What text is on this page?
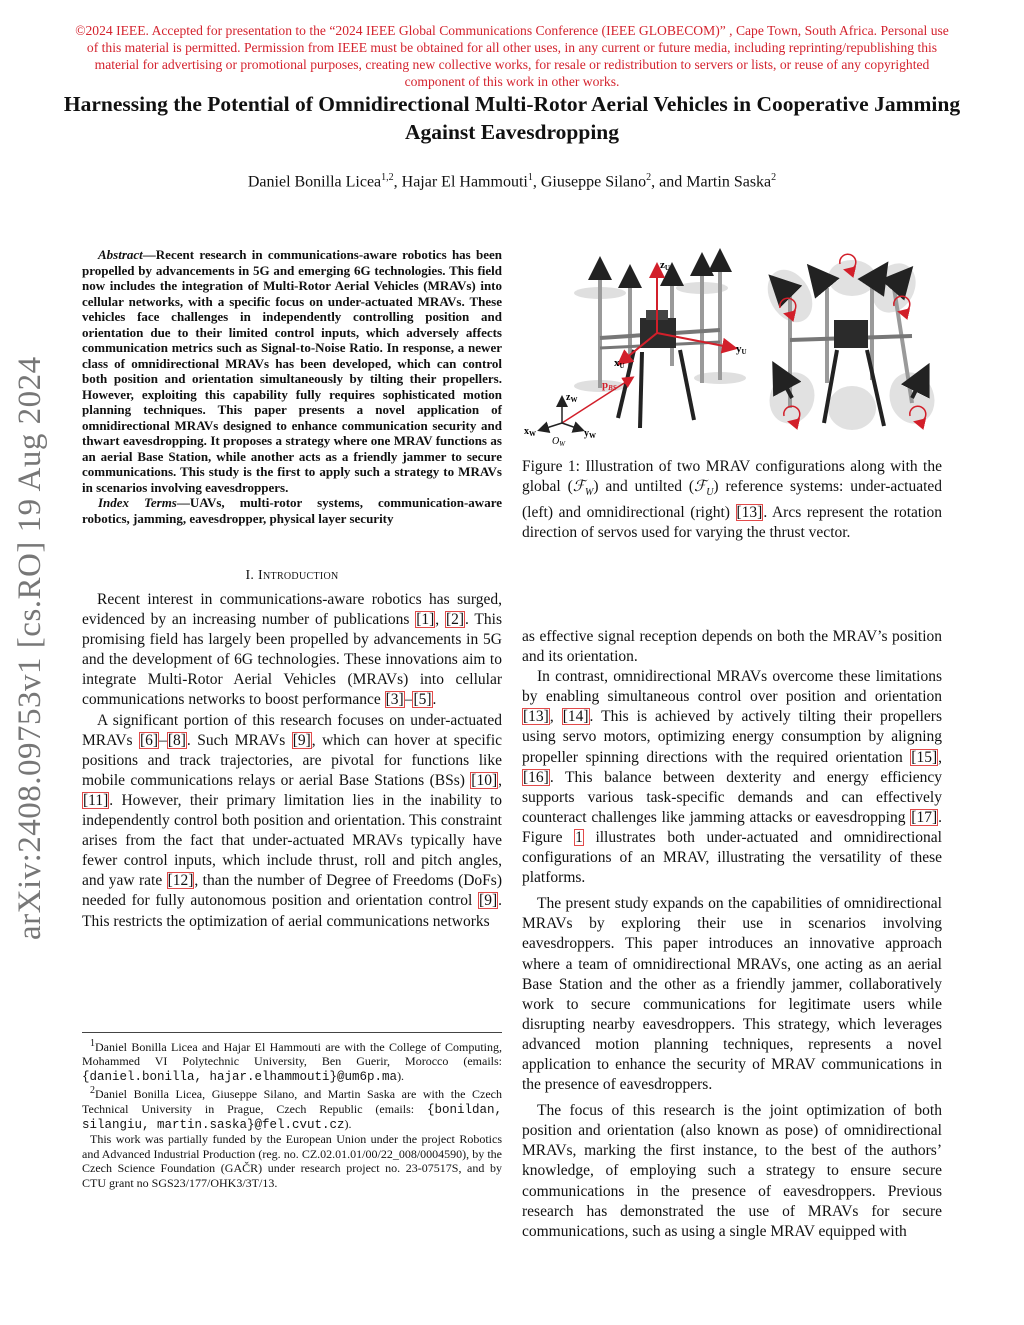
©2024 IEEE. Accepted for presentation to the “2024 IEEE Global Communications Conference (IEEE GLOBECOM)” , Cape Town, South Africa. Personal use of this material is permitted. Permission from IEEE must be obtained for all other uses, in any current or future media, including reprinting/republishing this material for advertising or promotional purposes, creating new collective works, for resale or redistribution to servers or lists, or reuse of any copyrighted component of this work in other works.
Harnessing the Potential of Omnidirectional Multi-Rotor Aerial Vehicles in Cooperative Jamming Against Eavesdropping
Daniel Bonilla Licea$^{1,2}$, Hajar El Hammouti$^1$, Giuseppe Silano$^2$, and Martin Saska$^2$
arXiv:2408.09753v1 [cs.RO] 19 Aug 2024

Abstract—Recent research in communications-aware robotics has been propelled by advancements in 5G and emerging 6G technologies. This field now includes the integration of Multi-Rotor Aerial Vehicles (MRAVs) into cellular networks, with a specific focus on under-actuated MRAVs. These vehicles face challenges in independently controlling position and orientation due to their limited control inputs, which adversely affects communication metrics such as Signal-to-Noise Ratio. In response, a newer class of omnidirectional MRAVs has been developed, which can control both position and orientation simultaneously by tilting their propellers. However, exploiting this capability fully requires sophisticated motion planning techniques. This paper presents a novel application of omnidirectional MRAVs designed to enhance communication security and thwart eavesdropping. It proposes a strategy where one MRAV functions as an aerial Base Station, while another acts as a friendly jammer to secure communications. This study is the first to apply such a strategy to MRAVs in scenarios involving eavesdroppers.

Index Terms—UAVs, multi-rotor systems, communication-aware robotics, jamming, eavesdropper, physical layer security

I. Introduction

Recent interest in communications-aware robotics has surged, evidenced by an increasing number of publications [1], [2]. This promising field has largely been propelled by advancements in 5G and the development of 6G technologies. These innovations aim to integrate Multi-Rotor Aerial Vehicles (MRAVs) into cellular communications networks to boost performance [3]–[5].

A significant portion of this research focuses on under-actuated MRAVs [6]–[8]. Such MRAVs [9], which can hover at specific positions and track trajectories, are pivotal for functions like mobile communications relays or aerial Base Stations (BSs) [10], [11]. However, their primary limitation lies in the inability to independently control both position and orientation. This constraint arises from the fact that under-actuated MRAVs typically have fewer control inputs, which include thrust, roll and pitch angles, and yaw rate [12], than the number of Degree of Freedoms (DoFs) needed for fully autonomous position and orientation control [9]. This restricts the optimization of aerial communications networks

$^1$Daniel Bonilla Licea and Hajar El Hammouti are with the College of Computing, Mohammed VI Polytechnic University, Ben Guerir, Morocco (emails: {daniel.bonilla, hajar.elhammouti}@um6p.ma).

$^2$Daniel Bonilla Licea, Giuseppe Silano, and Martin Saska are with the Czech Technical University in Prague, Czech Republic (emails: {bonildan, silangiu, martin.saska}@fel.cvut.cz).

This work was partially funded by the European Union under the project Robotics and Advanced Industrial Production (reg. no. CZ.02.01.01/00/22_008/0004590), by the Czech Science Foundation (GAČR) under research project no. 23-07517S, and by CTU grant no SGS23/177/OHK3/3T/13.

zU
yU
xU
pBS
$z_W$
$x_W$	$y_W$
$O_W$

Figure 1: Illustration of two MRAV configurations along with the global (ℱ$_W$) and untilted (ℱ$_U$) reference systems: under-actuated (left) and omnidirectional (right) [13]. Arcs represent the rotation direction of servos used for varying the thrust vector.

as effective signal reception depends on both the MRAV’s position and its orientation.

In contrast, omnidirectional MRAVs overcome these limitations by enabling simultaneous control over position and orientation [13], [14]. This is achieved by actively tilting their propellers using servo motors, optimizing energy consumption by aligning propeller spinning directions with the required orientation [15], [16]. This balance between dexterity and energy efficiency supports various task-specific demands and can effectively counteract challenges like jamming attacks or eavesdropping [17]. Figure 1 illustrates both under-actuated and omnidirectional configurations of an MRAV, illustrating the versatility of these platforms.

The present study expands on the capabilities of omnidirectional MRAVs by exploring their use in scenarios involving eavesdroppers. This paper introduces an innovative approach where a team of omnidirectional MRAVs, one acting as an aerial Base Station and the other as a friendly jammer, collaboratively work to secure communications for legitimate users while disrupting nearby eavesdroppers. This strategy, which leverages advanced motion planning techniques, represents a novel application to enhance the security of MRAV communications in the presence of eavesdroppers.

The focus of this research is the joint optimization of both position and orientation (also known as pose) of omnidirectional MRAVs, marking the first instance, to the best of the authors’ knowledge, of employing such a strategy to ensure secure communications in the presence of eavesdroppers. Previous research has demonstrated the use of MRAVs for secure communications, such as using a single MRAV equipped with
